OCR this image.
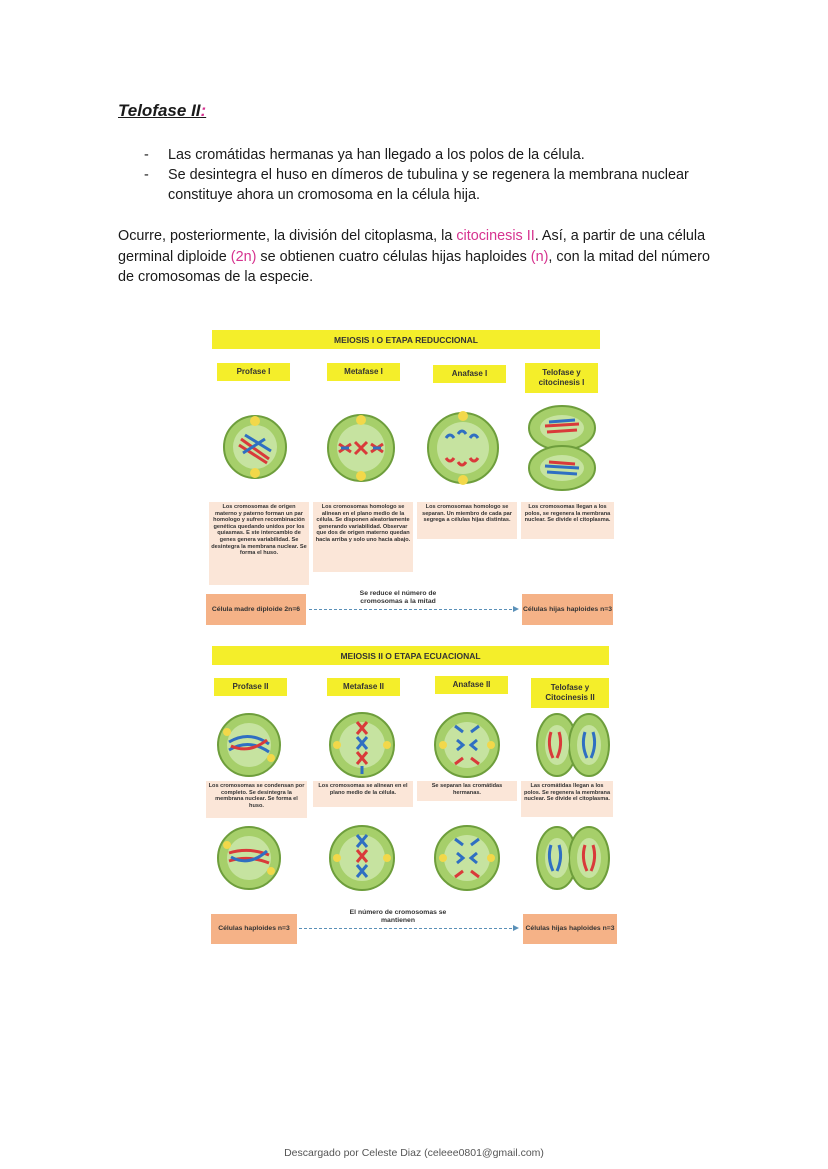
Telofase II:
- Las cromátidas hermanas ya han llegado a los polos de la célula.
- Se desintegra el huso en dímeros de tubulina y se regenera la membrana nuclear constituye ahora un cromosoma en la célula hija.

Ocurre, posteriormente, la división del citoplasma, la citocinesis II. Así, a partir de una célula germinal diploide (2n) se obtienen cuatro células hijas haploides (n), con la mitad del número de cromosomas de la especie.

MEIOSIS I O ETAPA REDUCCIONAL
Profase I	Metafase I	Anafase I	Telofase y citocinesis I
Los cromosomas de origen materno y paterno forman un par homologo y sufren recombinación genética quedando unidos por los quiasmas. E ste intercambio de genes genera variabilidad. Se desintegra la membrana nuclear. Se forma el huso.
Los cromosomas homologo se alinean en el plano medio de la célula. Se disponen aleatoriamente generando variabilidad. Observar que dos de origen materno quedan hacia arriba y solo uno hacia abajo.
Los cromosomas homologo se separan. Un miembro de cada par segrega a células hijas distintas.
Los cromosomas llegan a los polos, se regenera la membrana nuclear. Se divide el citoplasma.
Célula madre diploide 2n=6
Se reduce el número de cromosomas a la mitad
Células hijas haploides n=3
MEIOSIS II O ETAPA ECUACIONAL
Profase II	Metafase II	Anafase II	Telofase y Citocinesis II
Los cromosomas se condensan por completo. Se desintegra la membrana nuclear. Se forma el huso.
Los cromosomas se alinean en el plano medio de la célula.
Se separan las cromátidas hermanas.
Las cromátidas llegan a los polos. Se regenera la membrana nuclear. Se divide el citoplasma.
Células haploides n=3
El número de cromosomas se mantienen
Células hijas haploides n=3
Descargado por Celeste Diaz (celeee0801@gmail.com)
